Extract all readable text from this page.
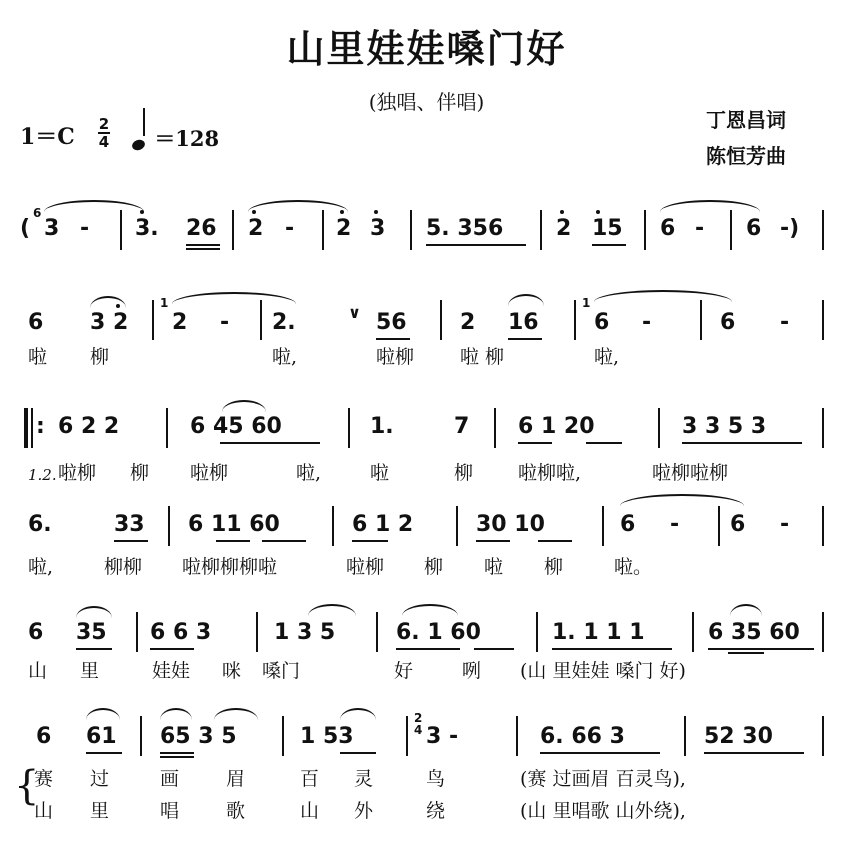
山里娃娃嗓门好
(独唱、伴唱)
丁恩昌词
陈恒芳曲
1＝C 2
4	＝128
(
6
3 - 3. 26 2 - 2 3 5. 356 2 15 6 - 6 -)
6 3 2
1
2 - 2.	∨ 56 2 16
1
6 -	6 -
啦 柳	啦,	啦柳 啦 柳	啦,
: 6 2 2	6 45 60	1.	7 6 1 20	3 3 5 3
1.2. 啦柳 柳 啦柳	啦,	啦	柳 啦柳啦,	啦柳啦柳
6.	33 6 11 60	6 1 2	30 10	6 - 6 -
啦,	柳柳 啦柳柳柳啦	啦柳 柳 啦 柳	啦。
6 35 6 6 3	1 3 5	6. 1 60	1. 1 1 1	6 35 60
山 里	娃娃 咪 嗓门	好	咧 (山 里娃娃 嗓门 好)
6 61 65 3 5	1 53
2
4 3 -	6. 66 3	52 30
{
赛 过	画 眉	百 灵	鸟	(赛 过画眉 百灵鸟),
山 里	唱 歌	山 外	绕	(山 里唱歌 山外绕),
